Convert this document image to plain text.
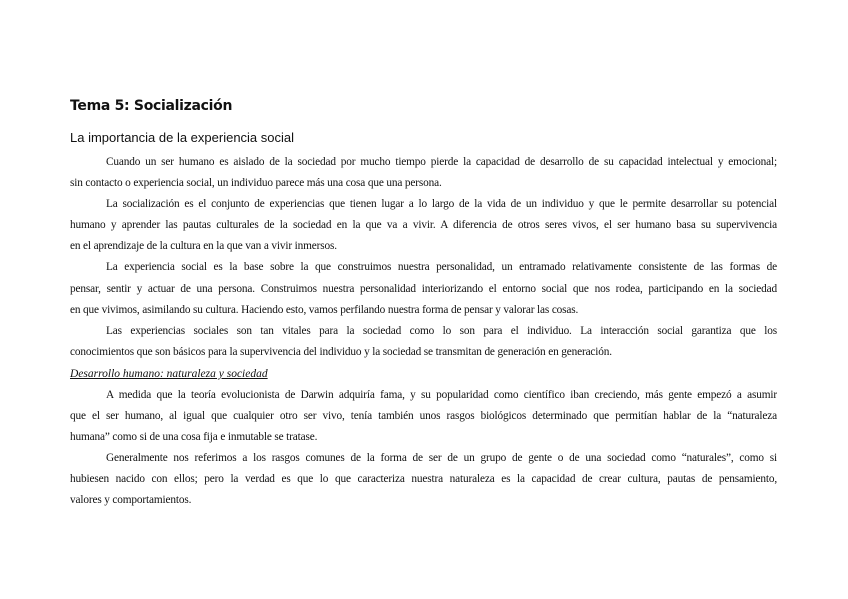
Tema 5: Socialización
La importancia de la experiencia social
Cuando un ser humano es aislado de la sociedad por mucho tiempo pierde la capacidad de desarrollo de su capacidad intelectual y emocional;
sin contacto o experiencia social, un individuo parece más una cosa que una persona.
La socialización es el conjunto de experiencias que tienen lugar a lo largo de la vida de un individuo y que le permite desarrollar su potencial
humano y aprender las pautas culturales de la sociedad en la que va a vivir. A diferencia de otros seres vivos, el ser humano basa su supervivencia
en el aprendizaje de la cultura en la que van a vivir inmersos.
La experiencia social es la base sobre la que construimos nuestra personalidad, un entramado relativamente consistente de las formas de
pensar, sentir y actuar de una persona. Construimos nuestra personalidad interiorizando el entorno social que nos rodea, participando en la sociedad
en que vivimos, asimilando su cultura. Haciendo esto, vamos perfilando nuestra forma de pensar y valorar las cosas.
Las experiencias sociales son tan vitales para la sociedad como lo son para el individuo. La interacción social garantiza que los
conocimientos que son básicos para la supervivencia del individuo y la sociedad se transmitan de generación en generación.
Desarrollo humano: naturaleza y sociedad
A medida que la teoría evolucionista de Darwin adquiría fama, y su popularidad como científico iban creciendo, más gente empezó a asumir
que el ser humano, al igual que cualquier otro ser vivo, tenía también unos rasgos biológicos determinado que permitían hablar de la “naturaleza
humana” como si de una cosa fija e inmutable se tratase.
Generalmente nos referimos a los rasgos comunes de la forma de ser de un grupo de gente o de una sociedad como “naturales”, como si
hubiesen nacido con ellos; pero la verdad es que lo que caracteriza nuestra naturaleza es la capacidad de crear cultura, pautas de pensamiento,
valores y comportamientos.
